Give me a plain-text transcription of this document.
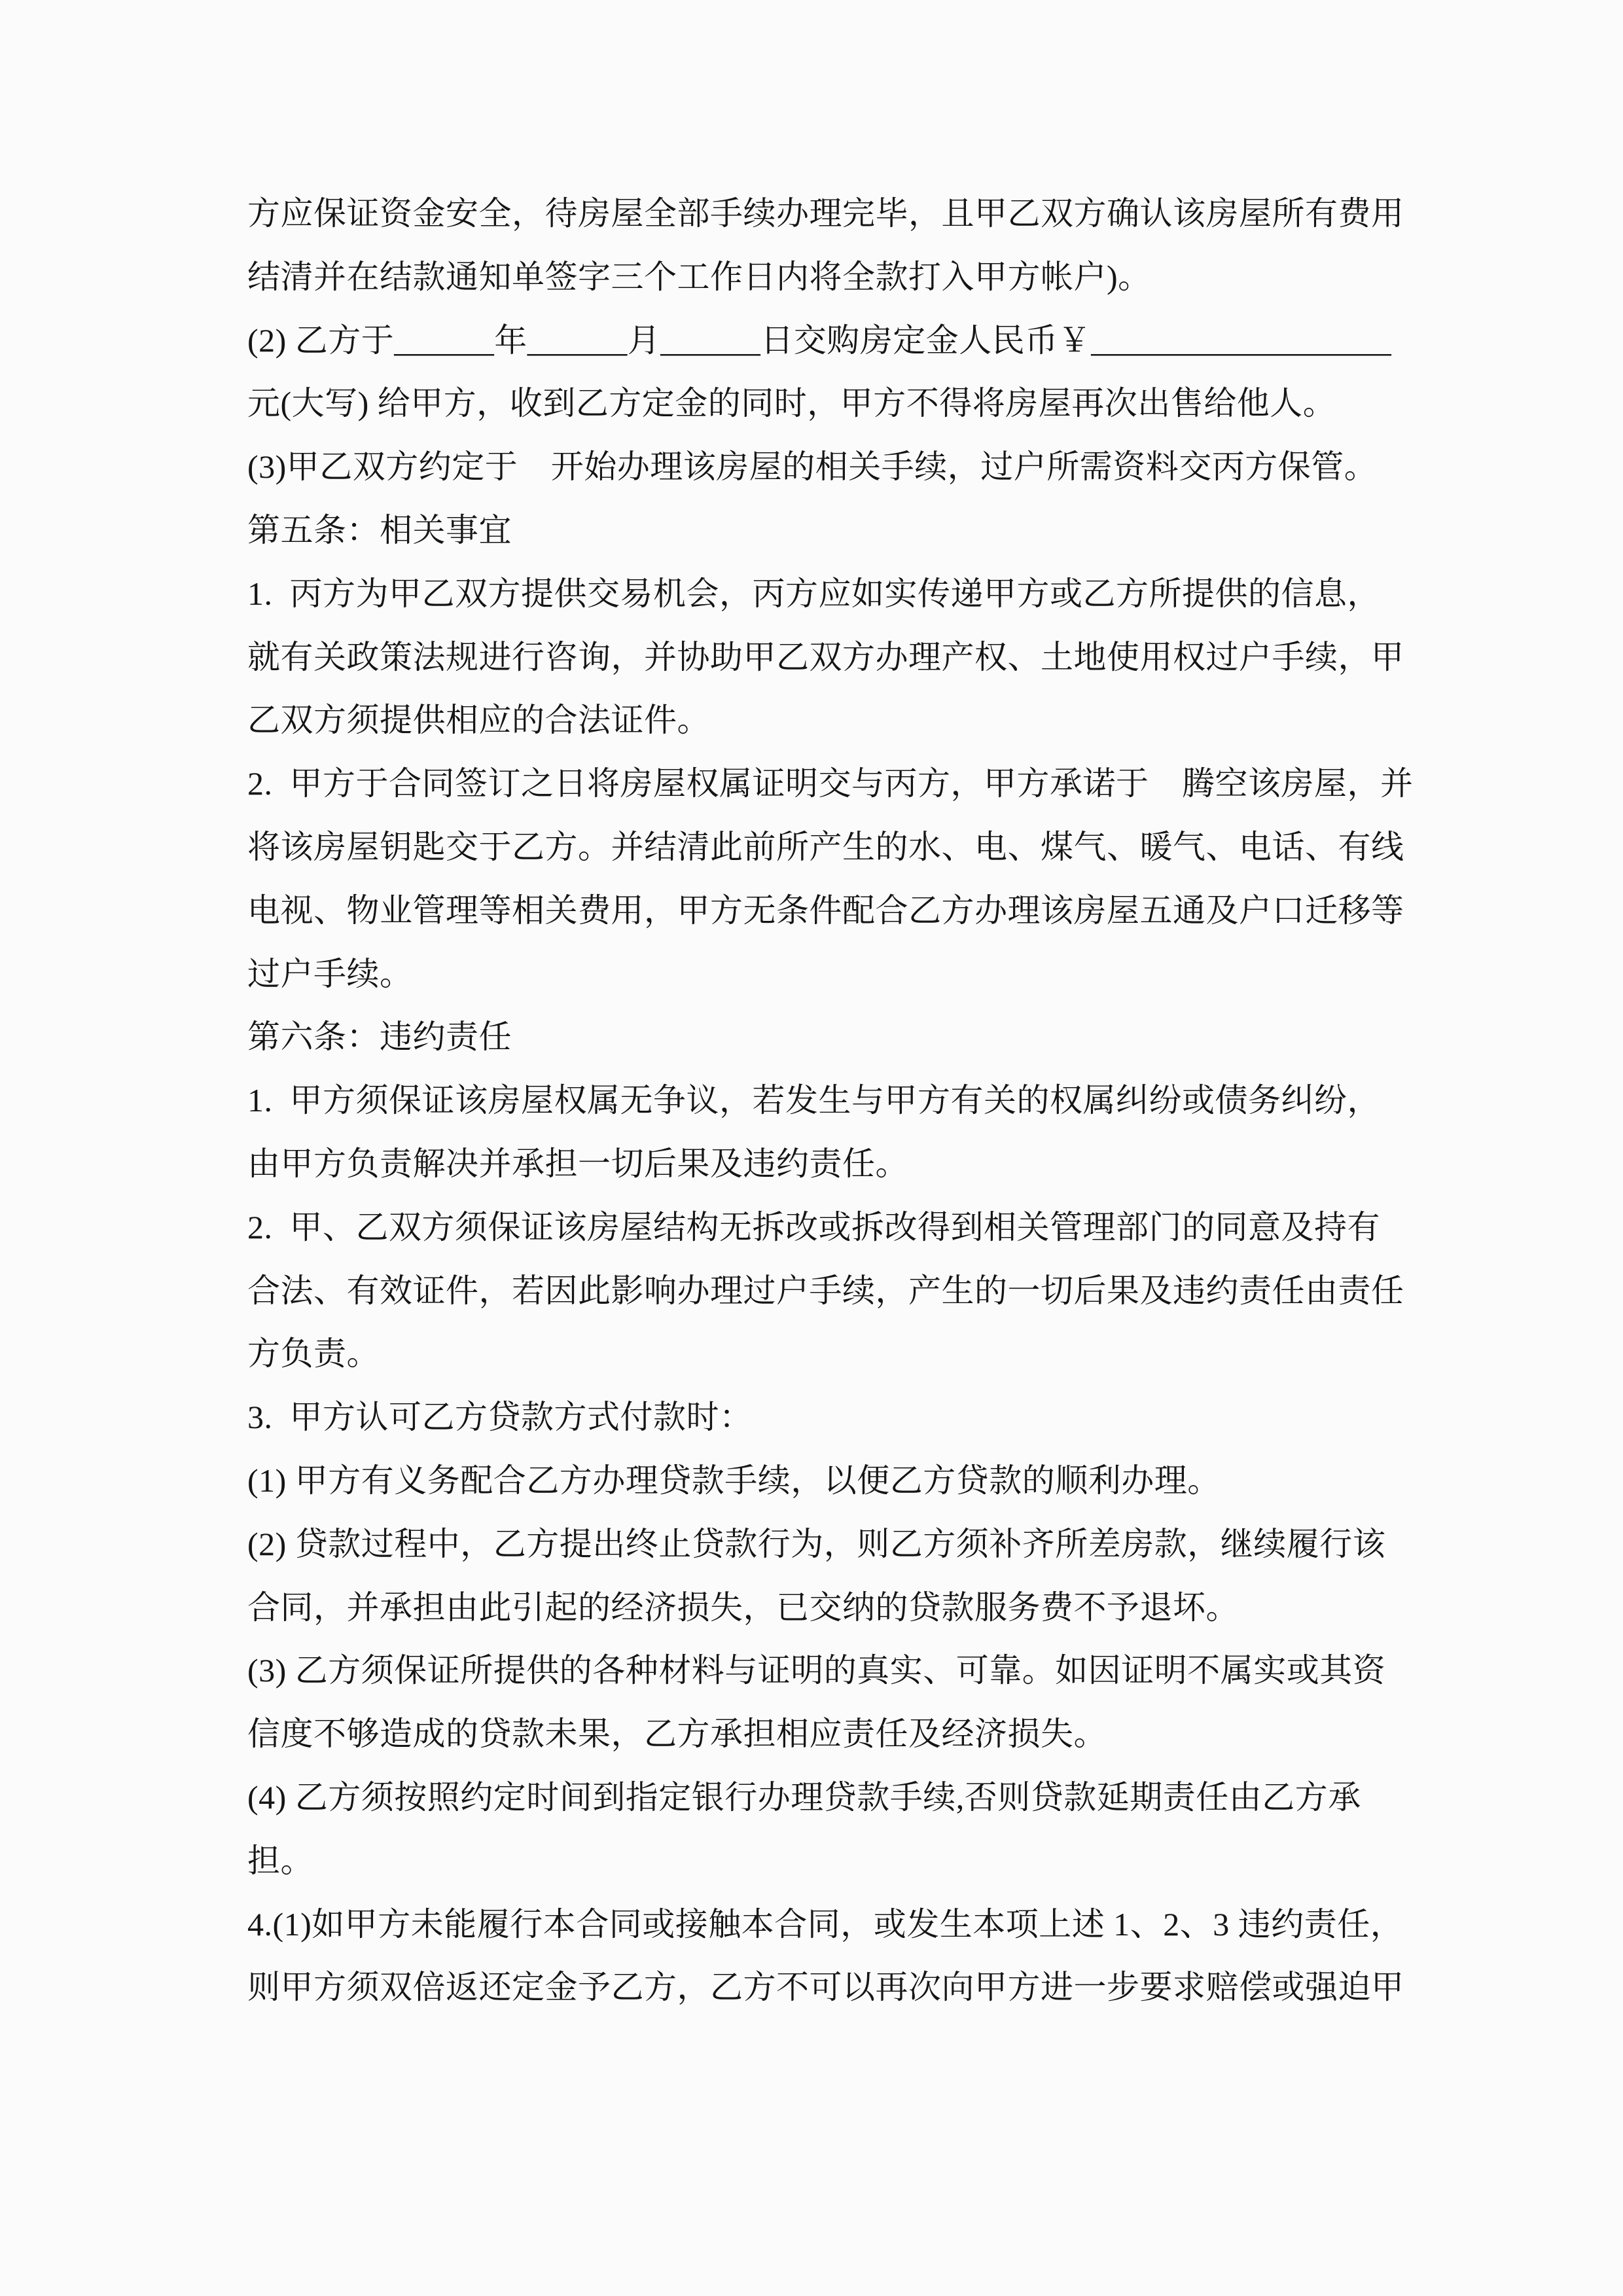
方应保证资金安全，待房屋全部手续办理完毕，且甲乙双方确认该房屋所有费用
结清并在结款通知单签字三个工作日内将全款打入甲方帐户)。
(2) 乙方于______年______月______日交购房定金人民币￥__________________
元(大写) 给甲方，收到乙方定金的同时，甲方不得将房屋再次出售给他人。
(3)甲乙双方约定于　开始办理该房屋的相关手续，过户所需资料交丙方保管。
第五条：相关事宜
1.  丙方为甲乙双方提供交易机会，丙方应如实传递甲方或乙方所提供的信息，
就有关政策法规进行咨询，并协助甲乙双方办理产权、土地使用权过户手续，甲
乙双方须提供相应的合法证件。
2.  甲方于合同签订之日将房屋权属证明交与丙方，甲方承诺于　腾空该房屋，并
将该房屋钥匙交于乙方。并结清此前所产生的水、电、煤气、暖气、电话、有线
电视、物业管理等相关费用，甲方无条件配合乙方办理该房屋五通及户口迁移等
过户手续。
第六条：违约责任
1.  甲方须保证该房屋权属无争议，若发生与甲方有关的权属纠纷或债务纠纷，
由甲方负责解决并承担一切后果及违约责任。
2.  甲、乙双方须保证该房屋结构无拆改或拆改得到相关管理部门的同意及持有
合法、有效证件，若因此影响办理过户手续，产生的一切后果及违约责任由责任
方负责。
3.  甲方认可乙方贷款方式付款时：
(1) 甲方有义务配合乙方办理贷款手续，以便乙方贷款的顺利办理。
(2) 贷款过程中，乙方提出终止贷款行为，则乙方须补齐所差房款，继续履行该
合同，并承担由此引起的经济损失，已交纳的贷款服务费不予退坏。
(3) 乙方须保证所提供的各种材料与证明的真实、可靠。如因证明不属实或其资
信度不够造成的贷款未果，乙方承担相应责任及经济损失。
(4) 乙方须按照约定时间到指定银行办理贷款手续,否则贷款延期责任由乙方承
担。
4.(1)如甲方未能履行本合同或接触本合同，或发生本项上述 1、2、3 违约责任，
则甲方须双倍返还定金予乙方，乙方不可以再次向甲方进一步要求赔偿或强迫甲
